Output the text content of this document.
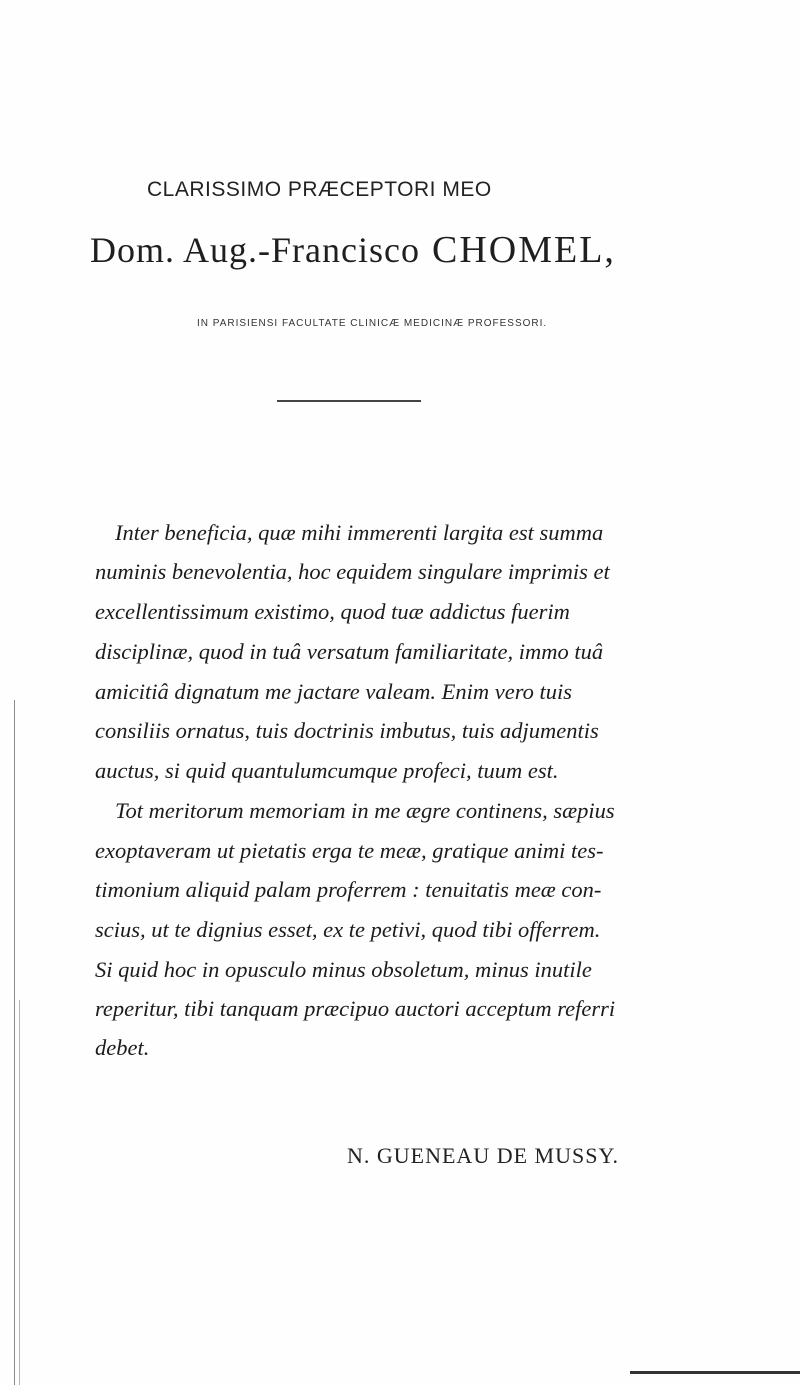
CLARISSIMO PRÆCEPTORI MEO
Dom. Aug.-Francisco CHOMEL,
IN PARISIENSI FACULTATE CLINICÆ MEDICINÆ PROFESSORI.
Inter beneficia, quæ mihi immerenti largita est summa
numinis benevolentia, hoc equidem singulare imprimis et
excellentissimum existimo, quod tuæ addictus fuerim
disciplinæ, quod in tuâ versatum familiaritate, immo tuâ
amicitiâ dignatum me jactare valeam. Enim vero tuis
consiliis ornatus, tuis doctrinis imbutus, tuis adjumentis
auctus, si quid quantulumcumque profeci, tuum est.
Tot meritorum memoriam in me ægre continens, sæpius
exoptaveram ut pietatis erga te meæ, gratique animi tes-
timonium aliquid palam proferrem : tenuitatis meæ con-
scius, ut te dignius esset, ex te petivi, quod tibi offerrem.
Si quid hoc in opusculo minus obsoletum, minus inutile
reperitur, tibi tanquam præcipuo auctori acceptum referri
debet.
N. GUENEAU DE MUSSY.
